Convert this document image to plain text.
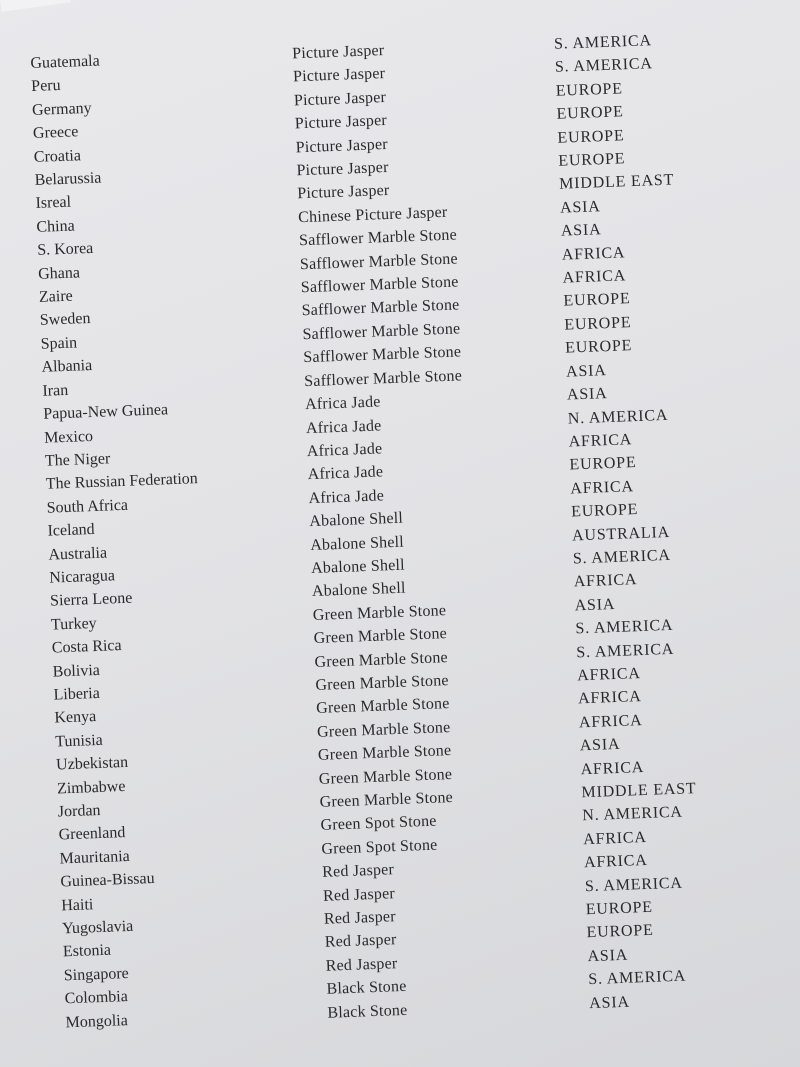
Guatemala	Picture Jasper	S. AMERICA
Peru	Picture Jasper	S. AMERICA
Germany	Picture Jasper	EUROPE
Greece	Picture Jasper	EUROPE
Croatia	Picture Jasper	EUROPE
Belarussia	Picture Jasper	EUROPE
Isreal	Picture Jasper	MIDDLE EAST
China	Chinese Picture Jasper	ASIA
S. Korea	Safflower Marble Stone	ASIA
Ghana	Safflower Marble Stone	AFRICA
Zaire	Safflower Marble Stone	AFRICA
Sweden	Safflower Marble Stone	EUROPE
Spain	Safflower Marble Stone	EUROPE
Albania	Safflower Marble Stone	EUROPE
Iran	Safflower Marble Stone	ASIA
Papua-New Guinea	Africa Jade	ASIA
Mexico	Africa Jade	N. AMERICA
The Niger	Africa Jade	AFRICA
The Russian Federation	Africa Jade	EUROPE
South Africa	Africa Jade	AFRICA
Iceland	Abalone Shell	EUROPE
Australia	Abalone Shell	AUSTRALIA
Nicaragua	Abalone Shell	S. AMERICA
Sierra Leone	Abalone Shell	AFRICA
Turkey	Green Marble Stone	ASIA
Costa Rica	Green Marble Stone	S. AMERICA
Bolivia	Green Marble Stone	S. AMERICA
Liberia	Green Marble Stone	AFRICA
Kenya	Green Marble Stone	AFRICA
Tunisia	Green Marble Stone	AFRICA
Uzbekistan	Green Marble Stone	ASIA
Zimbabwe	Green Marble Stone	AFRICA
Jordan	Green Marble Stone	MIDDLE EAST
Greenland	Green Spot Stone	N. AMERICA
Mauritania	Green Spot Stone	AFRICA
Guinea-Bissau	Red Jasper	AFRICA
Haiti	Red Jasper	S. AMERICA
Yugoslavia	Red Jasper	EUROPE
Estonia	Red Jasper	EUROPE
Singapore	Red Jasper	ASIA
Colombia	Black Stone	S. AMERICA
Mongolia	Black Stone	ASIA
